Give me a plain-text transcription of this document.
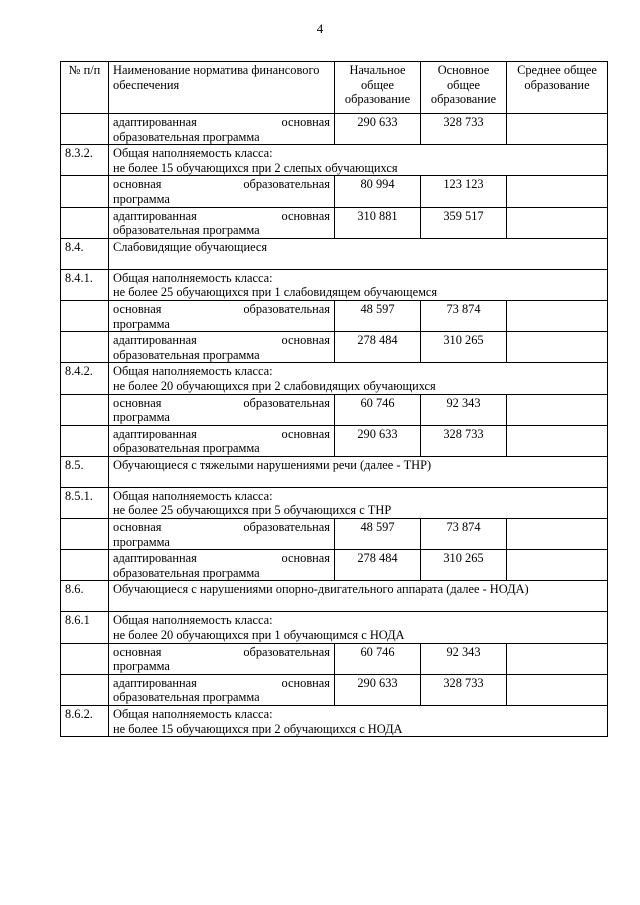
4
№ п/п	Наименование норматива финансового обеспечения	Начальное общее образование	Основное общее образование	Среднее общее образование

	адаптированная основная
образовательная программа	290 633	328 733	
8.3.2.	Общая наполняемость класса:
не более 15 обучающихся при 2 слепых обучающихся			

	основная образовательная
программа	80 994	123 123	

	адаптированная основная
образовательная программа	310 881	359 517	
8.4.	Слабовидящие обучающиеся			
8.4.1.	Общая наполняемость класса:
не более 25 обучающихся при 1 слабовидящем обучающемся			

	основная образовательная
программа	48 597	73 874	

	адаптированная основная
образовательная программа	278 484	310 265	
8.4.2.	Общая наполняемость класса:
не более 20 обучающихся при 2 слабовидящих обучающихся			

	основная образовательная
программа	60 746	92 343	

	адаптированная основная
образовательная программа	290 633	328 733	
8.5.	Обучающиеся с тяжелыми нарушениями речи (далее - ТНР)			
8.5.1.	Общая наполняемость класса:
не более 25 обучающихся при 5 обучающихся с ТНР			

	основная образовательная
программа	48 597	73 874	

	адаптированная основная
образовательная программа	278 484	310 265	
8.6.	Обучающиеся с нарушениями опорно-двигательного аппарата (далее - НОДА)			
8.6.1	Общая наполняемость класса:
не более 20 обучающихся при 1 обучающимся с НОДА			

	основная образовательная
программа	60 746	92 343	

	адаптированная основная
образовательная программа	290 633	328 733	
8.6.2.	Общая наполняемость класса:
не более 15 обучающихся при 2 обучающихся с НОДА			
